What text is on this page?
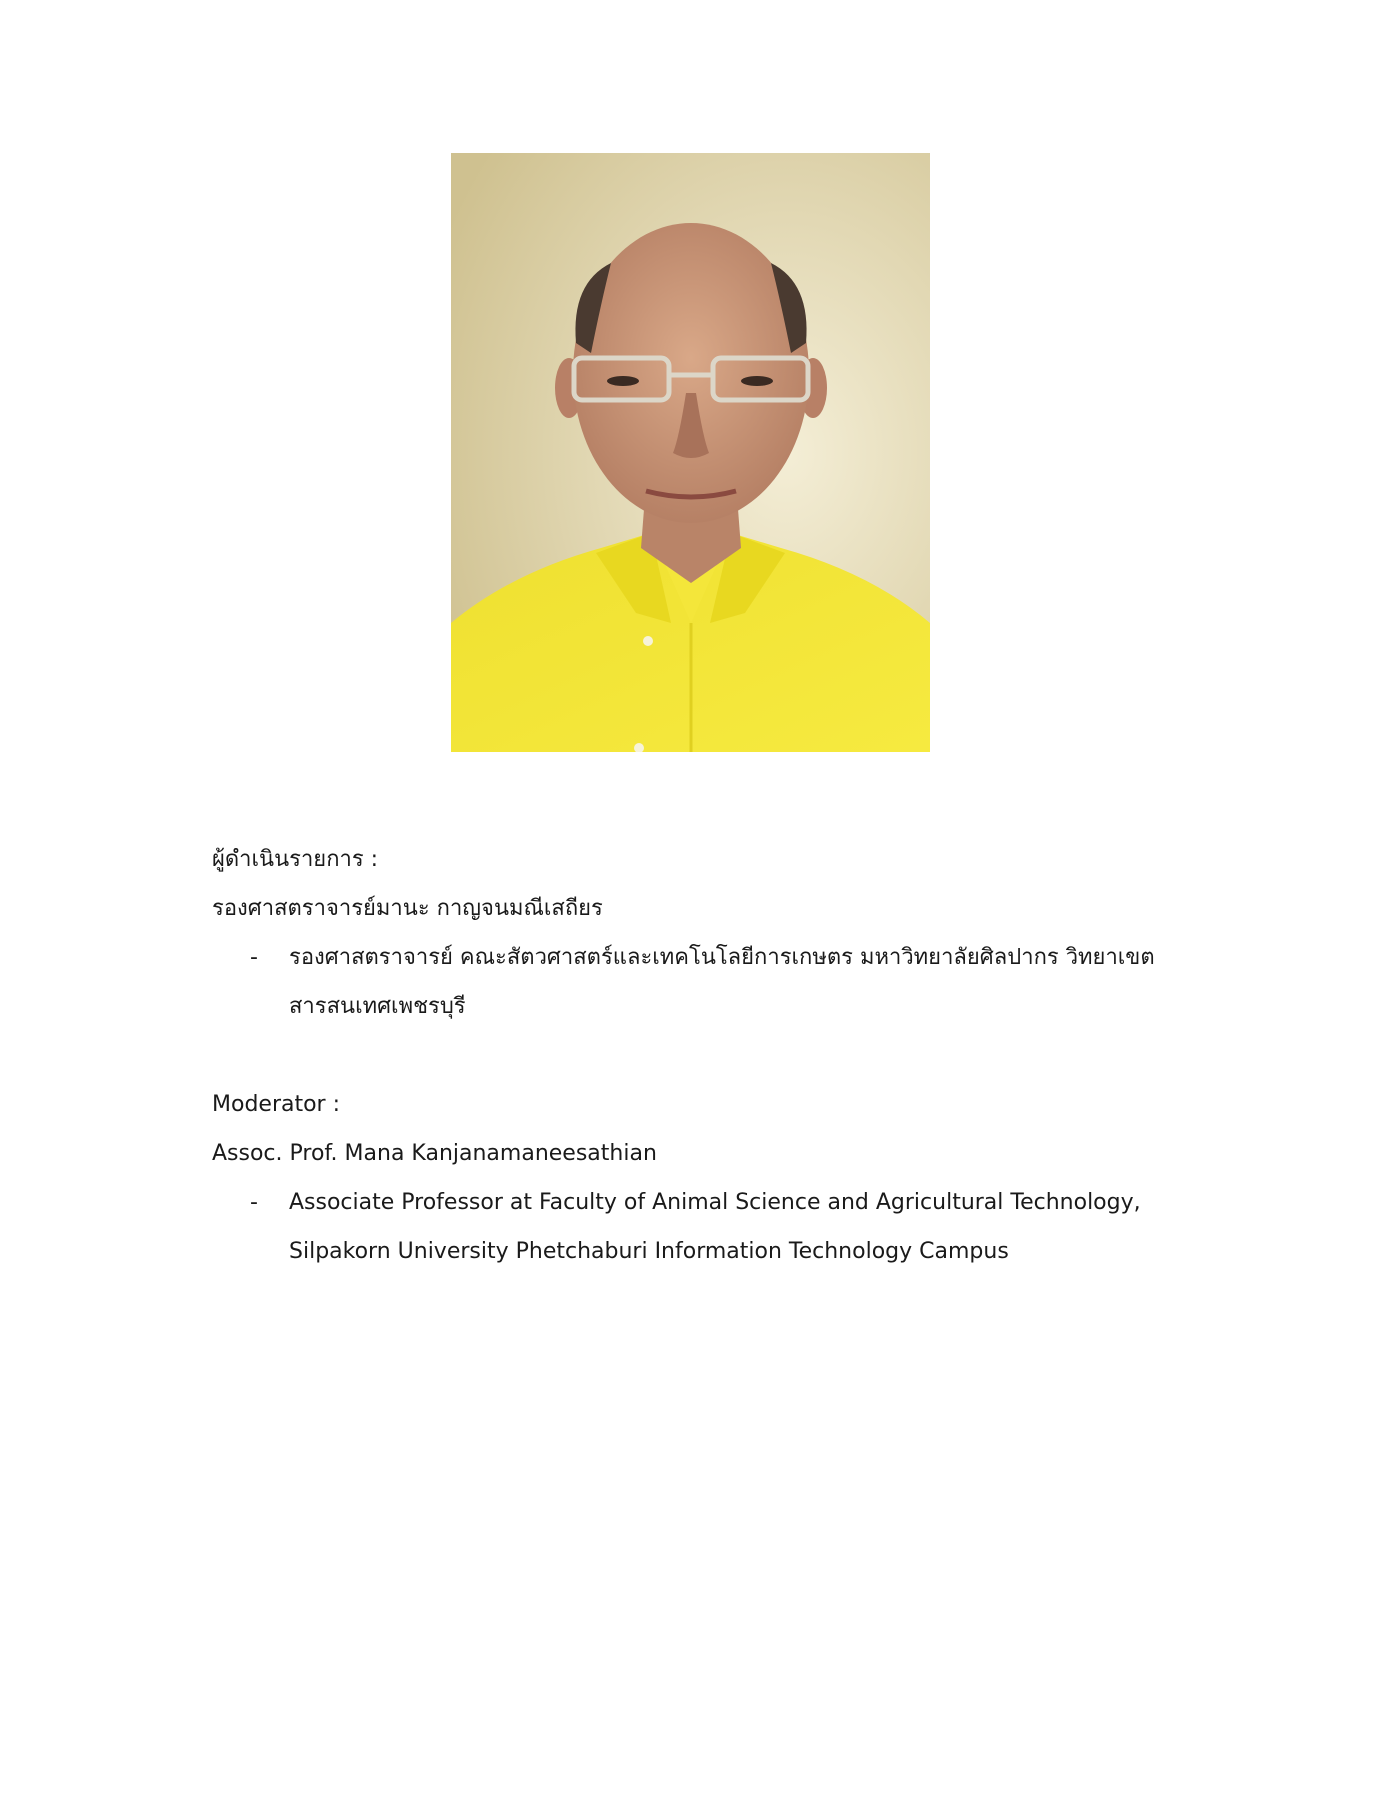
ผู้ดำเนินรายการ :
รองศาสตราจารย์มานะ กาญจนมณีเสถียร
- รองศาสตราจารย์ คณะสัตวศาสตร์และเทคโนโลยีการเกษตร มหาวิทยาลัยศิลปากร วิทยาเขต สารสนเทศเพชรบุรี
Moderator :
Assoc. Prof. Mana Kanjanamaneesathian
- Associate Professor at Faculty of Animal Science and Agricultural Technology, Silpakorn University Phetchaburi Information Technology Campus
